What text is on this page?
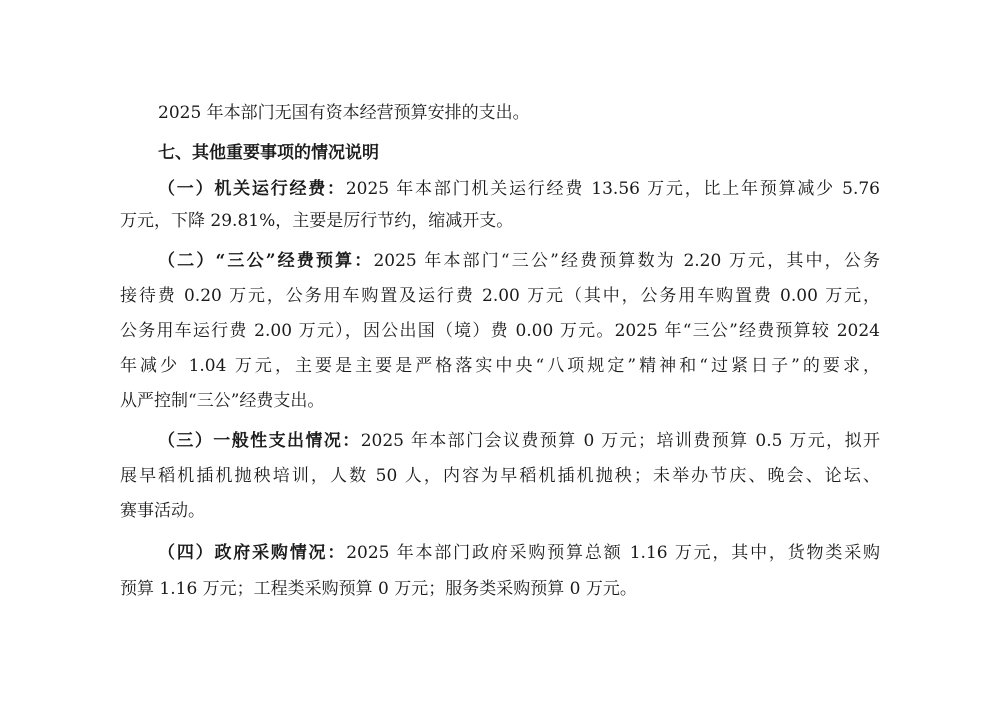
2025 年本部门无国有资本经营预算安排的支出。
七、其他重要事项的情况说明
（一）机关运行经费：2025 年本部门机关运行经费 13.56 万元，比上年预算减少 5.76
万元，下降 29.81%，主要是厉行节约，缩减开支。
（二）“三公”经费预算：2025 年本部门“三公”经费预算数为 2.20 万元，其中，公务
接待费 0.20 万元，公务用车购置及运行费 2.00 万元（其中，公务用车购置费 0.00 万元，
公务用车运行费 2.00 万元），因公出国（境）费 0.00 万元。2025 年“三公”经费预算较 2024
年减少 1.04 万元，主要是主要是严格落实中央“八项规定”精神和“过紧日子”的要求，
从严控制“三公”经费支出。
（三）一般性支出情况：2025 年本部门会议费预算 0 万元；培训费预算 0.5 万元，拟开
展早稻机插机抛秧培训，人数 50 人，内容为早稻机插机抛秧；未举办节庆、晚会、论坛、
赛事活动。
（四）政府采购情况：2025 年本部门政府采购预算总额 1.16 万元，其中，货物类采购
预算 1.16 万元；工程类采购预算 0 万元；服务类采购预算 0 万元。
